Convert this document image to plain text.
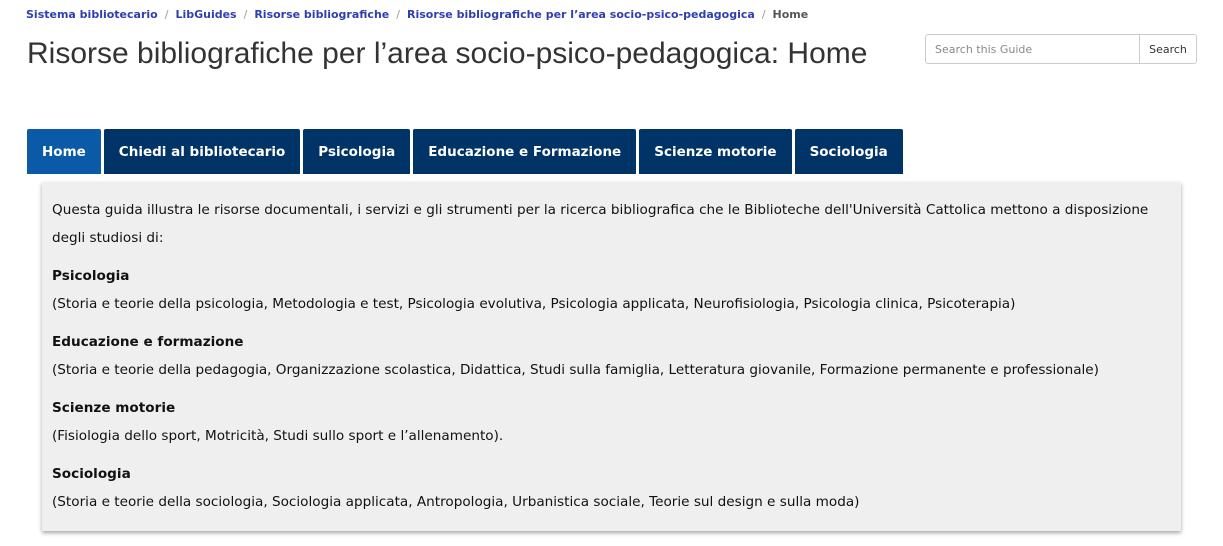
Sistema bibliotecario / LibGuides / Risorse bibliografiche / Risorse bibliografiche per l’area socio-psico-pedagogica / Home
Risorse bibliografiche per l’area socio-psico-pedagogica: Home
Search this Guide	Search
Home	Chiedi al bibliotecario	Psicologia	Educazione e Formazione	Scienze motorie	Sociologia

Questa guida illustra le risorse documentali, i servizi e gli strumenti per la ricerca bibliografica che le Biblioteche dell'Università Cattolica mettono a disposizione degli studiosi di:

Psicologia

(Storia e teorie della psicologia, Metodologia e test, Psicologia evolutiva, Psicologia applicata, Neurofisiologia, Psicologia clinica, Psicoterapia)

Educazione e formazione

(Storia e teorie della pedagogia, Organizzazione scolastica, Didattica, Studi sulla famiglia, Letteratura giovanile, Formazione permanente e professionale)

Scienze motorie

(Fisiologia dello sport, Motricità, Studi sullo sport e l’allenamento).

Sociologia

(Storia e teorie della sociologia, Sociologia applicata, Antropologia, Urbanistica sociale, Teorie sul design e sulla moda)
